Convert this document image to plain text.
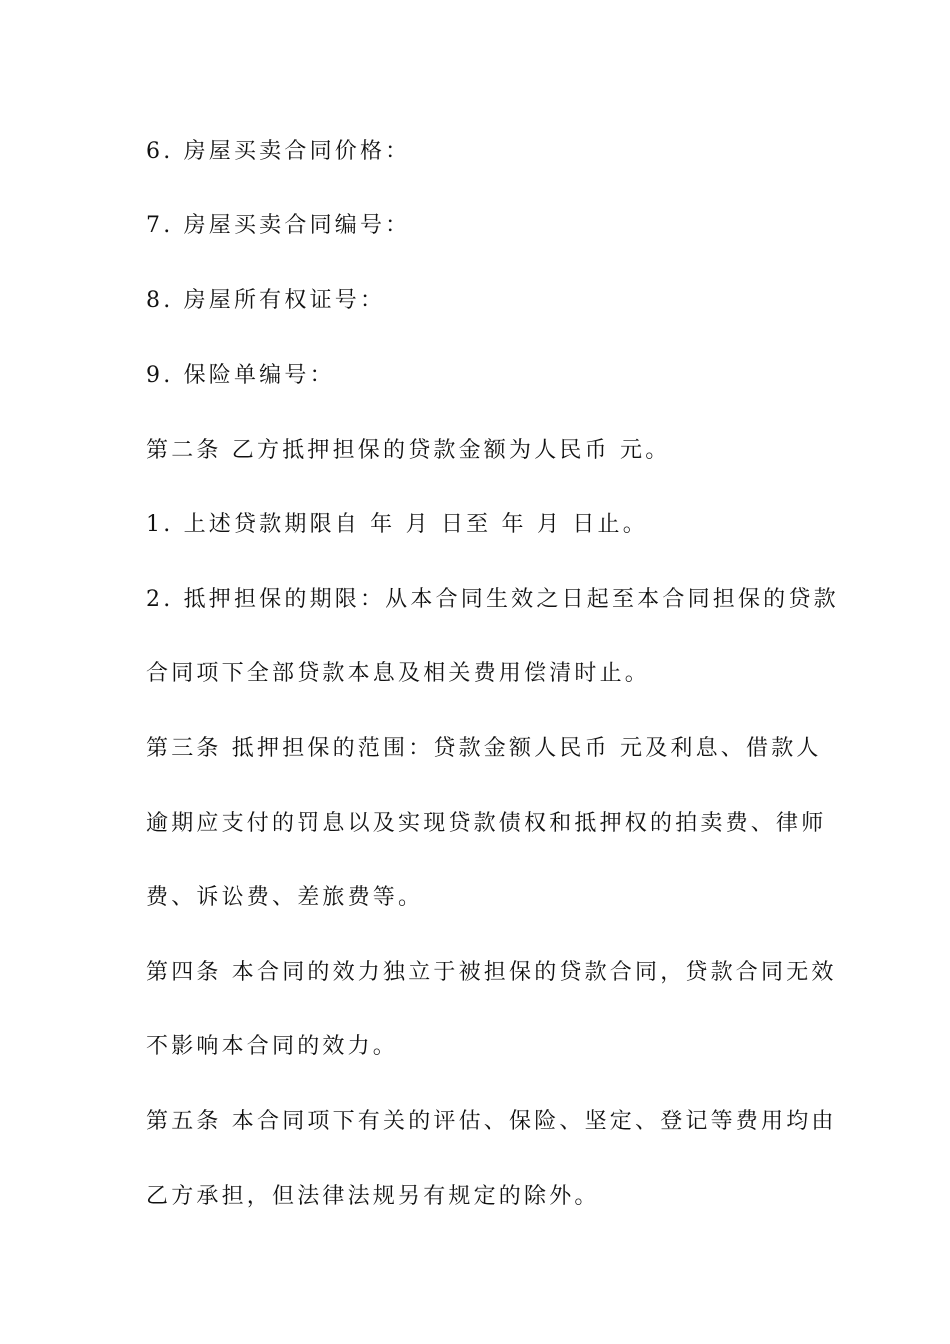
6. 房屋买卖合同价格：
7. 房屋买卖合同编号：
8. 房屋所有权证号：
9. 保险单编号：
第二条 乙方抵押担保的贷款金额为人民币 元。
1. 上述贷款期限自 年 月 日至 年 月 日止。
2. 抵押担保的期限：从本合同生效之日起至本合同担保的贷款
合同项下全部贷款本息及相关费用偿清时止。
第三条 抵押担保的范围：贷款金额人民币 元及利息、借款人
逾期应支付的罚息以及实现贷款债权和抵押权的拍卖费、律师
费、诉讼费、差旅费等。
第四条 本合同的效力独立于被担保的贷款合同，贷款合同无效
不影响本合同的效力。
第五条 本合同项下有关的评估、保险、坚定、登记等费用均由
乙方承担，但法律法规另有规定的除外。
